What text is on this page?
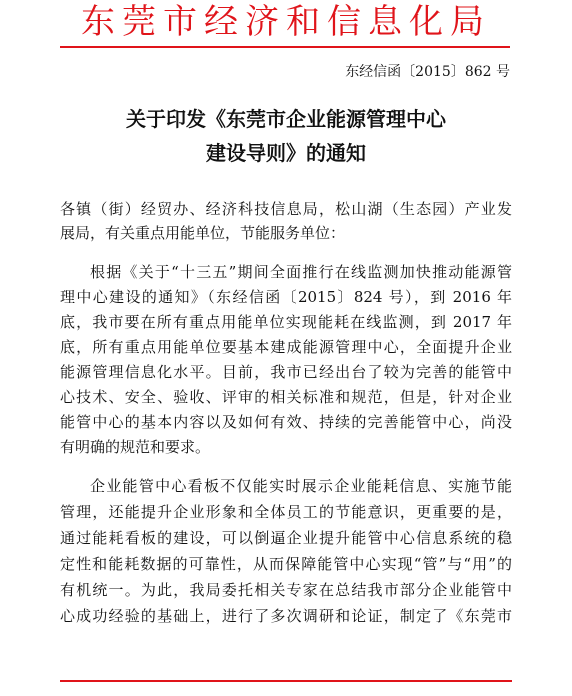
东莞市经济和信息化局
东经信函〔2015〕862 号
关于印发《东莞市企业能源管理中心
建设导则》的通知
各镇（街）经贸办、经济科技信息局，松山湖（生态园）产业发
展局，有关重点用能单位，节能服务单位：
根据《关于“十三五”期间全面推行在线监测加快推动能源管
理中心建设的通知》（东经信函〔2015〕824 号），到 2016 年
底，我市要在所有重点用能单位实现能耗在线监测，到 2017 年
底，所有重点用能单位要基本建成能源管理中心，全面提升企业
能源管理信息化水平。目前，我市已经出台了较为完善的能管中
心技术、安全、验收、评审的相关标准和规范，但是，针对企业
能管中心的基本内容以及如何有效、持续的完善能管中心，尚没
有明确的规范和要求。
企业能管中心看板不仅能实时展示企业能耗信息、实施节能
管理，还能提升企业形象和全体员工的节能意识，更重要的是，
通过能耗看板的建设，可以倒逼企业提升能管中心信息系统的稳
定性和能耗数据的可靠性，从而保障能管中心实现“管”与“用”的
有机统一。为此，我局委托相关专家在总结我市部分企业能管中
心成功经验的基础上，进行了多次调研和论证，制定了《东莞市
